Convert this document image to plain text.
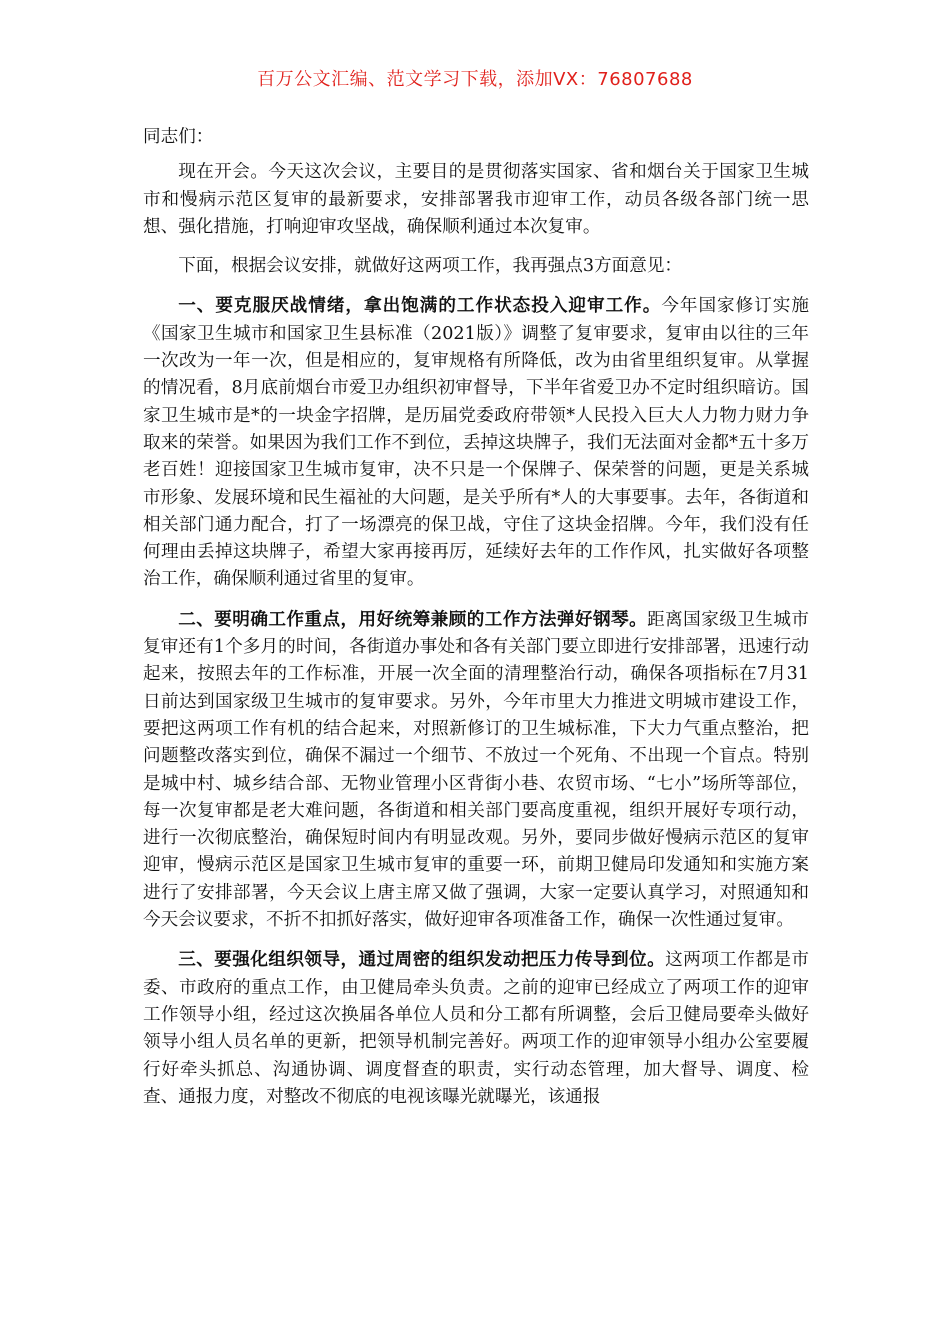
百万公文汇编、范文学习下载，添加VX：76807688

同志们：

现在开会。今天这次会议，主要目的是贯彻落实国家、省和烟台关于国家卫生城市和慢病示范区复审的最新要求，安排部署我市迎审工作，动员各级各部门统一思想、强化措施，打响迎审攻坚战，确保顺利通过本次复审。

下面，根据会议安排，就做好这两项工作，我再强点3方面意见：

一、要克服厌战情绪，拿出饱满的工作状态投入迎审工作。今年国家修订实施《国家卫生城市和国家卫生县标准（2021版）》调整了复审要求，复审由以往的三年一次改为一年一次，但是相应的，复审规格有所降低，改为由省里组织复审。从掌握的情况看，8月底前烟台市爱卫办组织初审督导，下半年省爱卫办不定时组织暗访。国家卫生城市是*的一块金字招牌，是历届党委政府带领*人民投入巨大人力物力财力争取来的荣誉。如果因为我们工作不到位，丢掉这块牌子，我们无法面对金都*五十多万老百姓！迎接国家卫生城市复审，决不只是一个保牌子、保荣誉的问题，更是关系城市形象、发展环境和民生福祉的大问题，是关乎所有*人的大事要事。去年，各街道和相关部门通力配合，打了一场漂亮的保卫战，守住了这块金招牌。今年，我们没有任何理由丢掉这块牌子，希望大家再接再厉，延续好去年的工作作风，扎实做好各项整治工作，确保顺利通过省里的复审。

二、要明确工作重点，用好统筹兼顾的工作方法弹好钢琴。距离国家级卫生城市复审还有1个多月的时间，各街道办事处和各有关部门要立即进行安排部署，迅速行动起来，按照去年的工作标准，开展一次全面的清理整治行动，确保各项指标在7月31日前达到国家级卫生城市的复审要求。另外，今年市里大力推进文明城市建设工作，要把这两项工作有机的结合起来，对照新修订的卫生城标准，下大力气重点整治，把问题整改落实到位，确保不漏过一个细节、不放过一个死角、不出现一个盲点。特别是城中村、城乡结合部、无物业管理小区背街小巷、农贸市场、“七小”场所等部位，每一次复审都是老大难问题，各街道和相关部门要高度重视，组织开展好专项行动，进行一次彻底整治，确保短时间内有明显改观。另外，要同步做好慢病示范区的复审迎审，慢病示范区是国家卫生城市复审的重要一环，前期卫健局印发通知和实施方案进行了安排部署，今天会议上唐主席又做了强调，大家一定要认真学习，对照通知和今天会议要求，不折不扣抓好落实，做好迎审各项准备工作，确保一次性通过复审。

三、要强化组织领导，通过周密的组织发动把压力传导到位。这两项工作都是市委、市政府的重点工作，由卫健局牵头负责。之前的迎审已经成立了两项工作的迎审工作领导小组，经过这次换届各单位人员和分工都有所调整，会后卫健局要牵头做好领导小组人员名单的更新，把领导机制完善好。两项工作的迎审领导小组办公室要履行好牵头抓总、沟通协调、调度督查的职责，实行动态管理，加大督导、调度、检查、通报力度，对整改不彻底的电视该曝光就曝光，该通报
